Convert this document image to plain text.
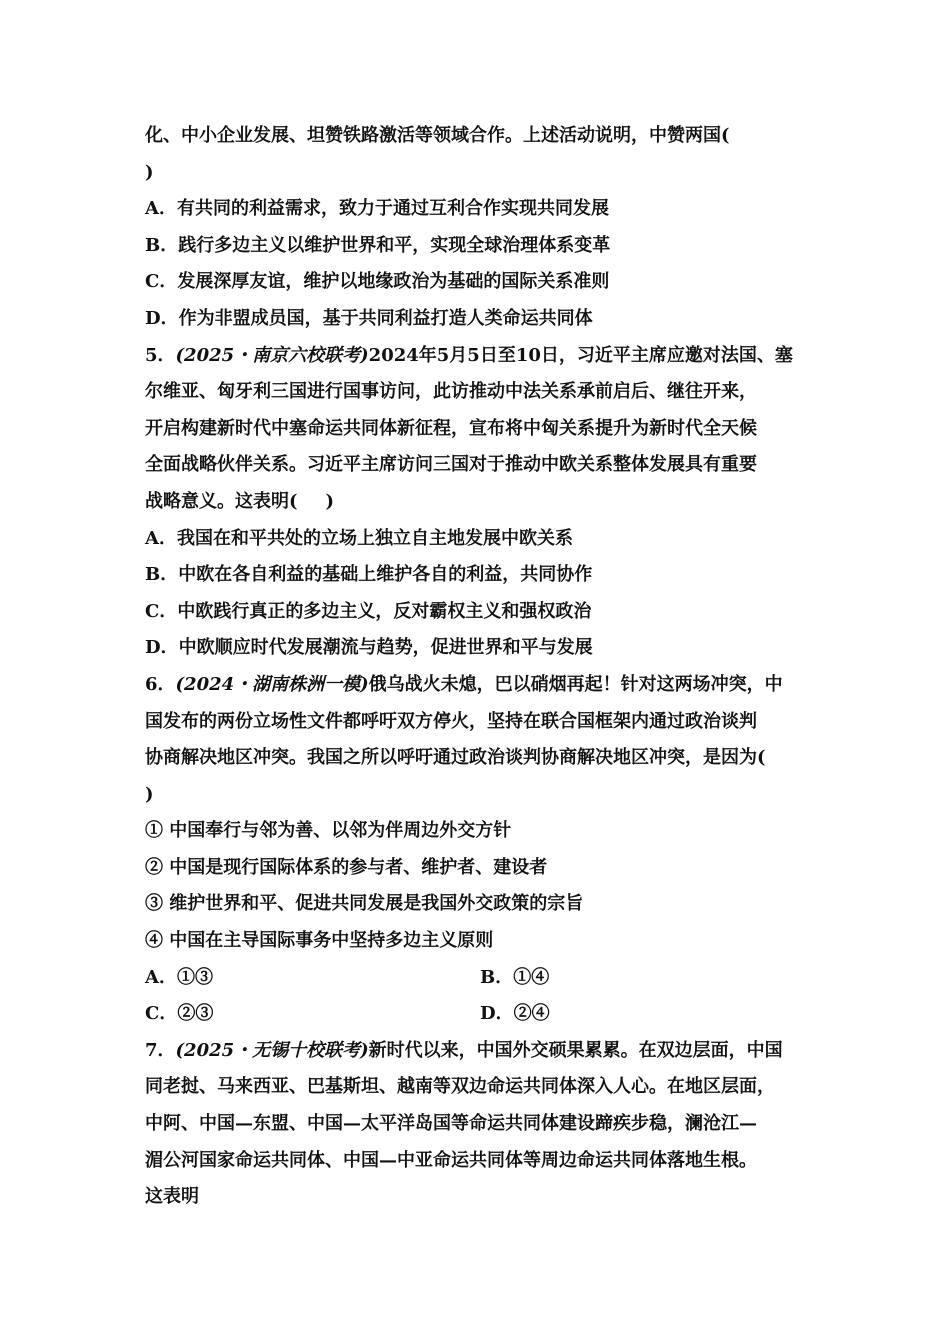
化、中小企业发展、坦赞铁路激活等领域合作。上述活动说明，中赞两国(
)
A．有共同的利益需求，致力于通过互利合作实现共同发展
B．践行多边主义以维护世界和平，实现全球治理体系变革
C．发展深厚友谊，维护以地缘政治为基础的国际关系准则
D．作为非盟成员国，基于共同利益打造人类命运共同体
5．(2025・南京六校联考)2024年5月5日至10日，习近平主席应邀对法国、塞
尔维亚、匈牙利三国进行国事访问，此访推动中法关系承前启后、继往开来，
开启构建新时代中塞命运共同体新征程，宣布将中匈关系提升为新时代全天候
全面战略伙伴关系。习近平主席访问三国对于推动中欧关系整体发展具有重要
战略意义。这表明( )
A．我国在和平共处的立场上独立自主地发展中欧关系
B．中欧在各自利益的基础上维护各自的利益，共同协作
C．中欧践行真正的多边主义，反对霸权主义和强权政治
D．中欧顺应时代发展潮流与趋势，促进世界和平与发展
6．(2024・湖南株洲一模)俄乌战火未熄，巴以硝烟再起！针对这两场冲突，中
国发布的两份立场性文件都呼吁双方停火，坚持在联合国框架内通过政治谈判
协商解决地区冲突。我国之所以呼吁通过政治谈判协商解决地区冲突，是因为(
)
① 中国奉行与邻为善、以邻为伴周边外交方针
② 中国是现行国际体系的参与者、维护者、建设者
③ 维护世界和平、促进共同发展是我国外交政策的宗旨
④ 中国在主导国际事务中坚持多边主义原则
A．①③	B．①④
C．②③	D．②④
7．(2025・无锡十校联考)新时代以来，中国外交硕果累累。在双边层面，中国
同老挝、马来西亚、巴基斯坦、越南等双边命运共同体深入人心。在地区层面，
中阿、中国—东盟、中国—太平洋岛国等命运共同体建设蹄疾步稳，澜沧江—
湄公河国家命运共同体、中国—中亚命运共同体等周边命运共同体落地生根。
这表明
